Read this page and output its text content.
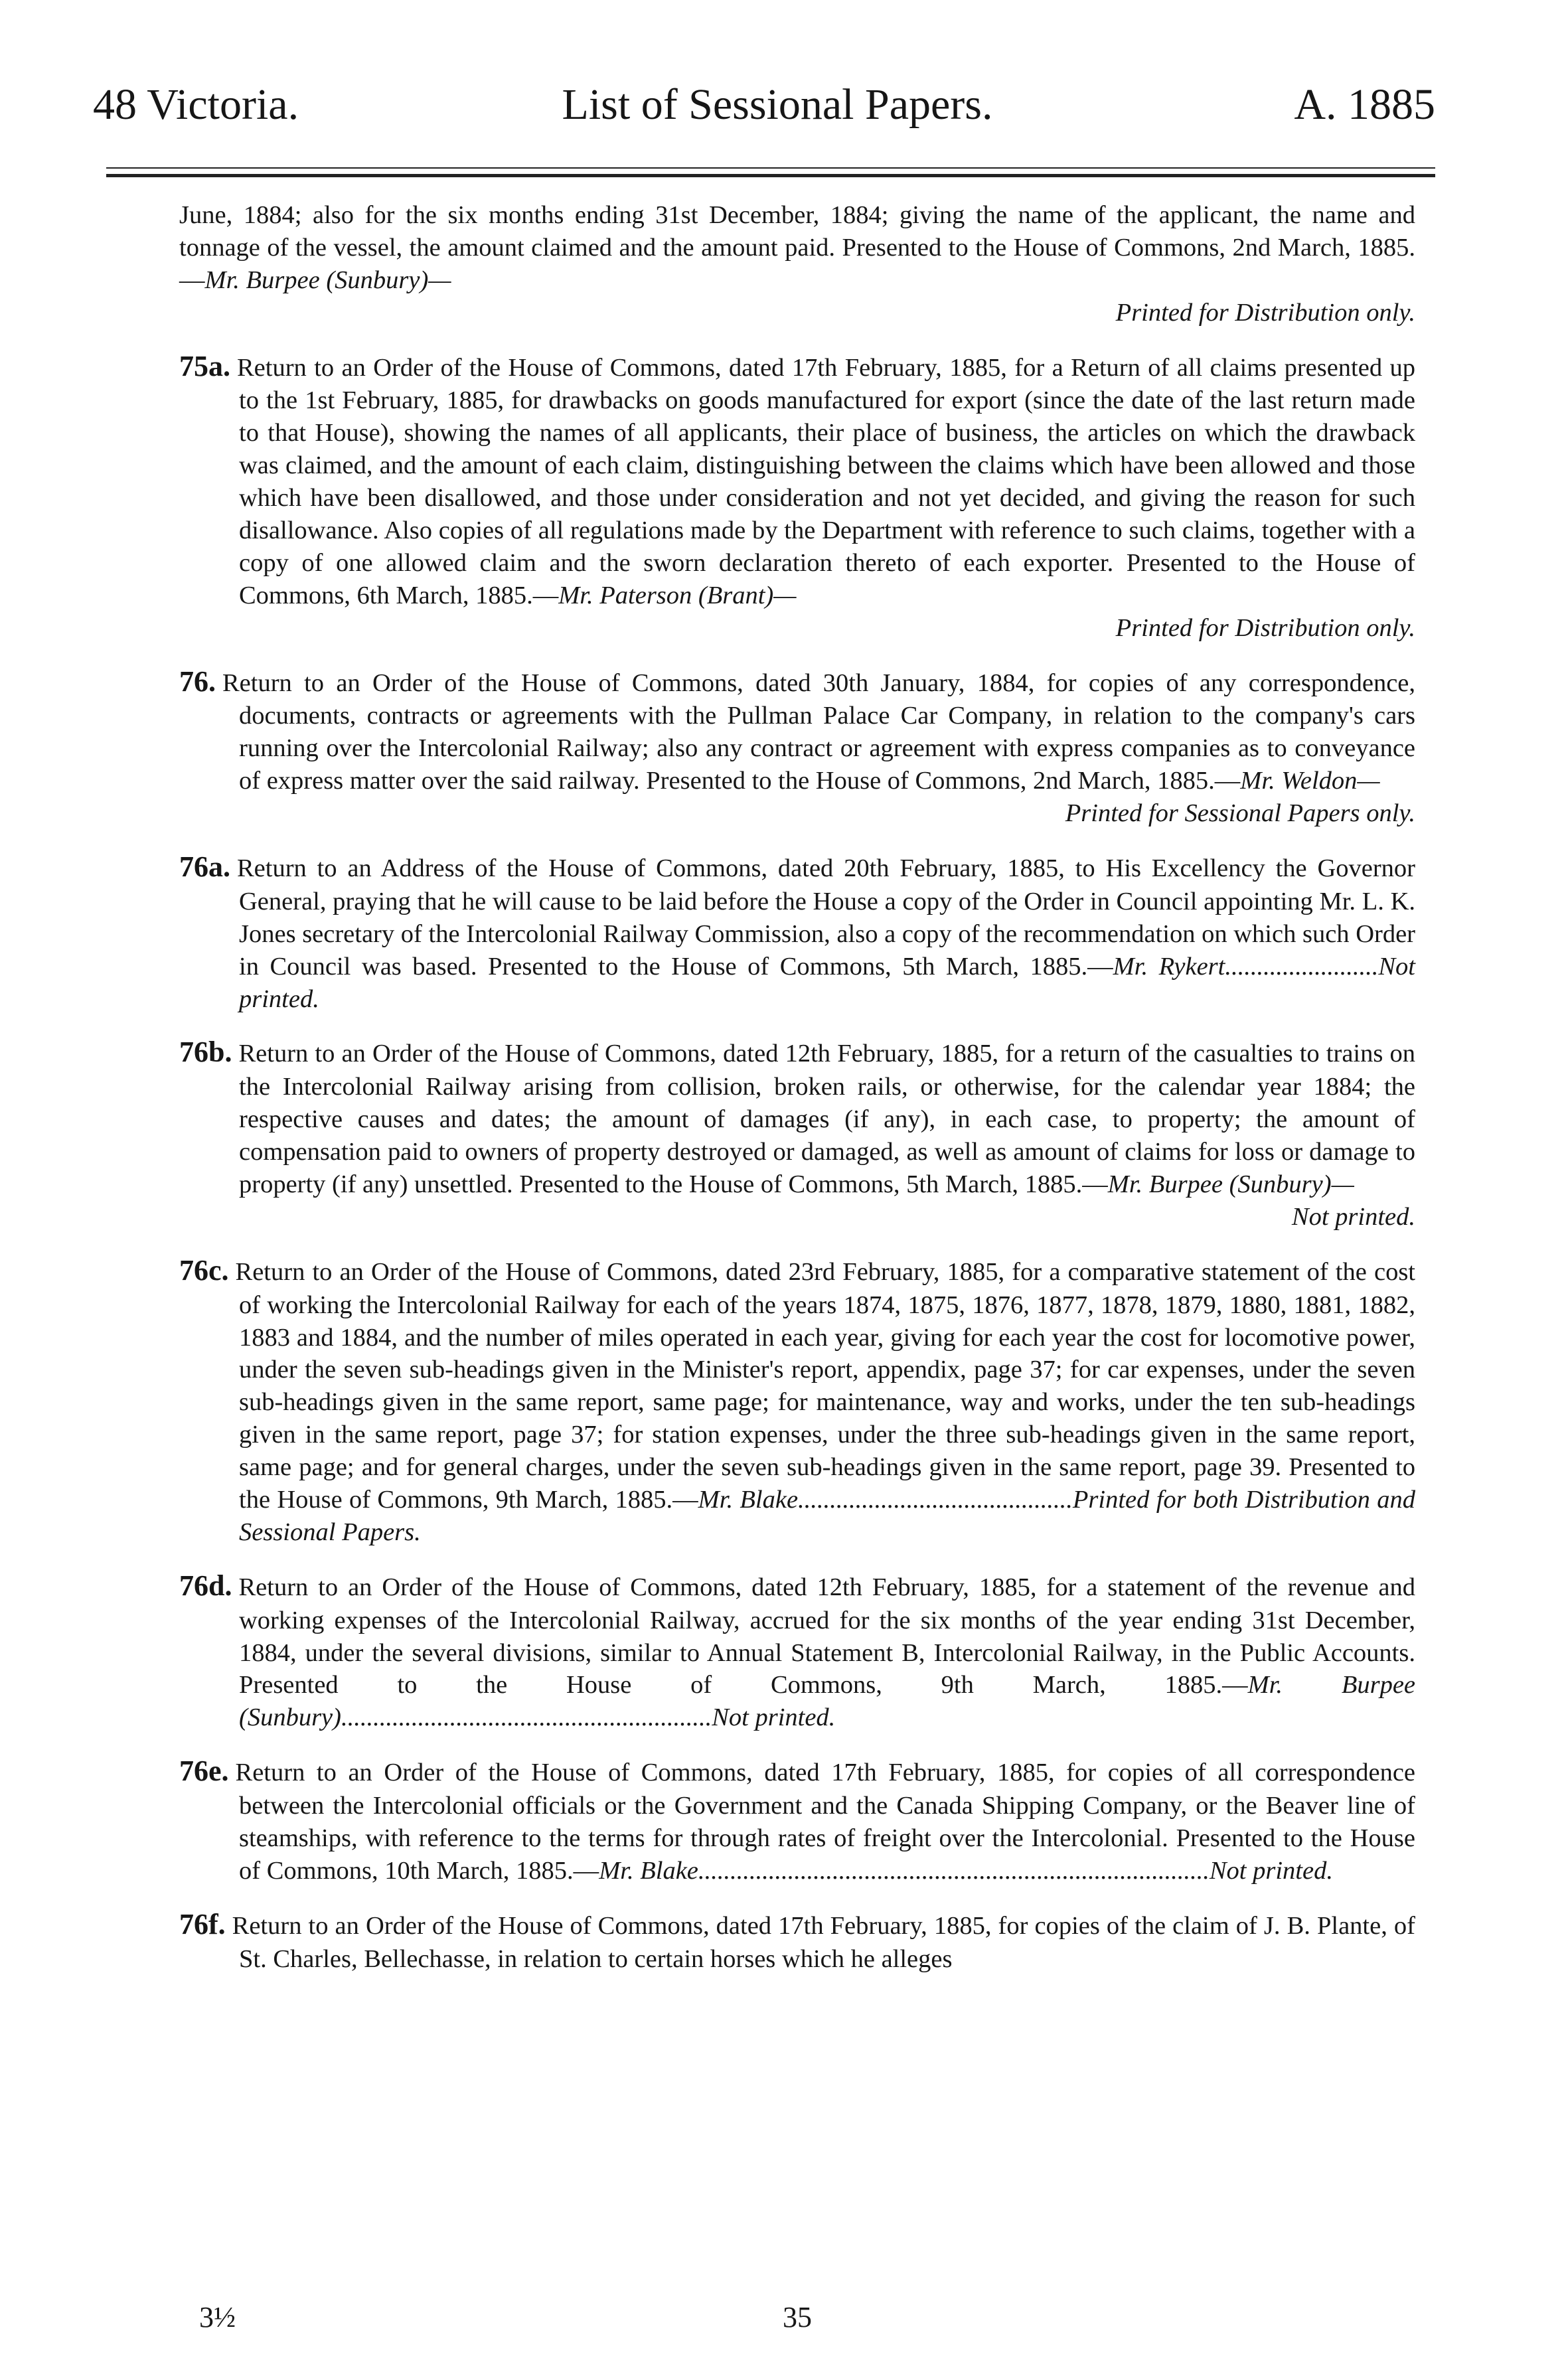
48 Victoria.	List of Sessional Papers.	A. 1885
June, 1884; also for the six months ending 31st December, 1884; giving the name of the applicant, the name and tonnage of the vessel, the amount claimed and the amount paid. Presented to the House of Commons, 2nd March, 1885.—Mr. Burpee (Sunbury)—
Printed for Distribution only.
75a. Return to an Order of the House of Commons, dated 17th February, 1885, for a Return of all claims presented up to the 1st February, 1885, for drawbacks on goods manufactured for export (since the date of the last return made to that House), showing the names of all applicants, their place of business, the articles on which the drawback was claimed, and the amount of each claim, distinguishing between the claims which have been allowed and those which have been disallowed, and those under consideration and not yet decided, and giving the reason for such disallowance. Also copies of all regulations made by the Department with reference to such claims, together with a copy of one allowed claim and the sworn declaration thereto of each exporter. Presented to the House of Commons, 6th March, 1885.—Mr. Paterson (Brant)—
Printed for Distribution only.
76. Return to an Order of the House of Commons, dated 30th January, 1884, for copies of any correspondence, documents, contracts or agreements with the Pullman Palace Car Company, in relation to the company's cars running over the Intercolonial Railway; also any contract or agreement with express companies as to conveyance of express matter over the said railway. Presented to the House of Commons, 2nd March, 1885.—Mr. Weldon—
Printed for Sessional Papers only.
76a. Return to an Address of the House of Commons, dated 20th February, 1885, to His Excellency the Governor General, praying that he will cause to be laid before the House a copy of the Order in Council appointing Mr. L. K. Jones secretary of the Intercolonial Railway Commission, also a copy of the recommendation on which such Order in Council was based. Presented to the House of Commons, 5th March, 1885.—Mr. Rykert........................Not printed.
76b. Return to an Order of the House of Commons, dated 12th February, 1885, for a return of the casualties to trains on the Intercolonial Railway arising from collision, broken rails, or otherwise, for the calendar year 1884; the respective causes and dates; the amount of damages (if any), in each case, to property; the amount of compensation paid to owners of property destroyed or damaged, as well as amount of claims for loss or damage to property (if any) unsettled. Presented to the House of Commons, 5th March, 1885.—Mr. Burpee (Sunbury)—
Not printed.
76c. Return to an Order of the House of Commons, dated 23rd February, 1885, for a comparative statement of the cost of working the Intercolonial Railway for each of the years 1874, 1875, 1876, 1877, 1878, 1879, 1880, 1881, 1882, 1883 and 1884, and the number of miles operated in each year, giving for each year the cost for locomotive power, under the seven sub-headings given in the Minister's report, appendix, page 37; for car expenses, under the seven sub-headings given in the same report, same page; for maintenance, way and works, under the ten sub-headings given in the same report, page 37; for station expenses, under the three sub-headings given in the same report, same page; and for general charges, under the seven sub-headings given in the same report, page 39. Presented to the House of Commons, 9th March, 1885.—Mr. Blake...........................................Printed for both Distribution and Sessional Papers.
76d. Return to an Order of the House of Commons, dated 12th February, 1885, for a statement of the revenue and working expenses of the Intercolonial Railway, accrued for the six months of the year ending 31st December, 1884, under the several divisions, similar to Annual Statement B, Intercolonial Railway, in the Public Accounts. Presented to the House of Commons, 9th March, 1885.—Mr. Burpee (Sunbury)..........................................................Not printed.
76e. Return to an Order of the House of Commons, dated 17th February, 1885, for copies of all correspondence between the Intercolonial officials or the Government and the Canada Shipping Company, or the Beaver line of steamships, with reference to the terms for through rates of freight over the Intercolonial. Presented to the House of Commons, 10th March, 1885.—Mr. Blake................................................................................Not printed.
76f. Return to an Order of the House of Commons, dated 17th February, 1885, for copies of the claim of J. B. Plante, of St. Charles, Bellechasse, in relation to certain horses which he alleges
3½	35
